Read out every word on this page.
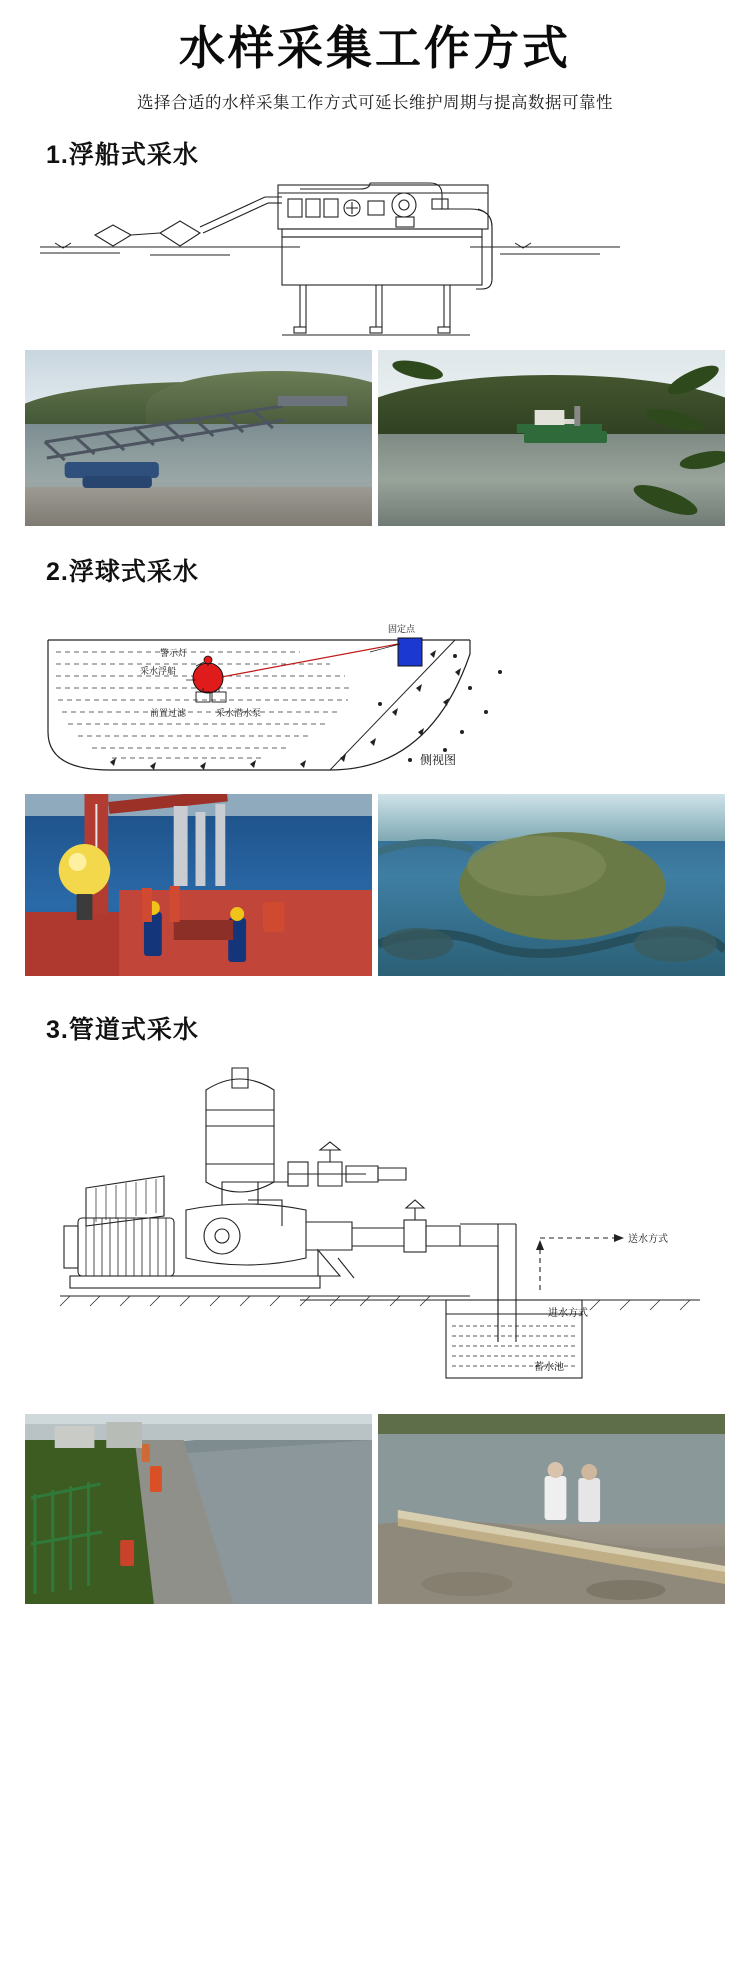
水样采集工作方式
选择合适的水样采集工作方式可延长维护周期与提高数据可靠性
1.浮船式采水
2.浮球式采水
固定点
采水浮船
警示灯
前置过滤	采水潜水泵
侧视图
3.管道式采水
送水方式
进水方式
蓄水池
